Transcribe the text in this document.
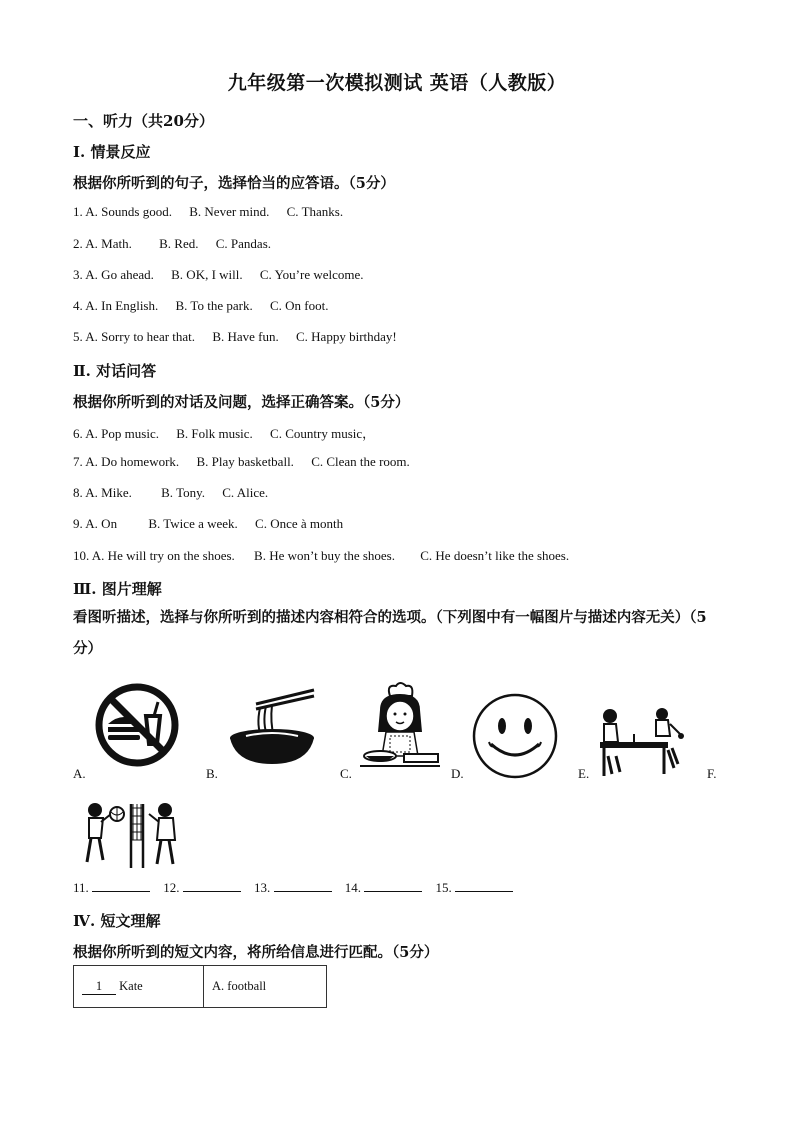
九年级第一次模拟测试 英语（人教版）
一、听力（共20分）
Ⅰ. 情景反应
根据你所听到的句子，选择恰当的应答语。（5分）
1. A. Sounds good. B. Never mind. C. Thanks.
2. A. Math. B. Red. C. Pandas.
3. A. Go ahead. B. OK, I will. C. You’re welcome.
4. A. In English. B. To the park. C. On foot.
5. A. Sorry to hear that. B. Have fun. C. Happy birthday!
Ⅱ. 对话问答
根据你所听到的对话及问题，选择正确答案。（5分）
6. A. Pop music. B. Folk music. C. Country music，
7. A. Do homework. B. Play basketball. C. Clean the room.
8. A. Mike. B. Tony. C. Alice.
9. A. On B. Twice a week. C. Once à month
10. A. He will try on the shoes. B. He won’t buy the shoes. C. He doesn’t like the shoes.
Ⅲ. 图片理解
看图听描述，选择与你所听到的描述内容相符合的选项。（下列图中有一幅图片与描述内容无关）（5分）
A.	B.	C.	D.	E.	F.
11.	12.	13.	14.	15.
Ⅳ. 短文理解
根据你所听到的短文内容，将所给信息进行匹配。（5分）
1 Kate	A. football
